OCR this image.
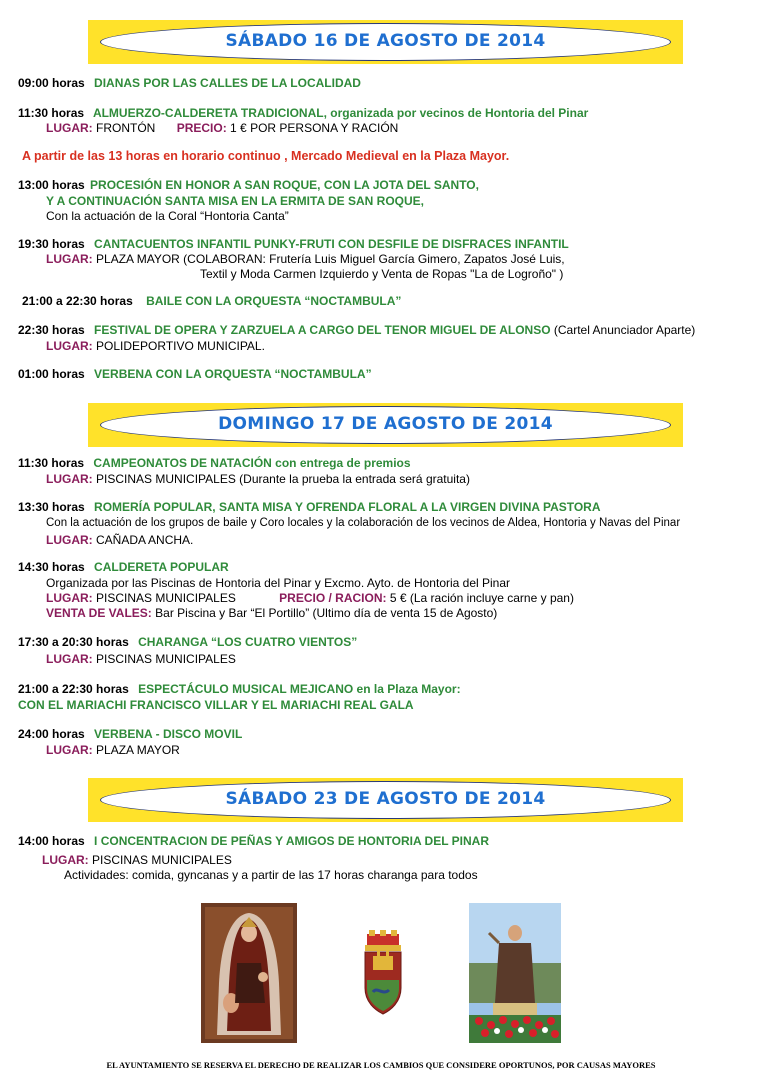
SÁBADO 16 DE AGOSTO DE 2014
09:00 horas DIANAS POR LAS CALLES DE LA LOCALIDAD
11:30 horas ALMUERZO-CALDERETA TRADICIONAL, organizada por vecinos de Hontoria del Pinar
LUGAR: FRONTÓN PRECIO: 1 € POR PERSONA Y RACIÓN
A partir de las 13 horas en horario continuo , Mercado Medieval en la Plaza Mayor.
13:00 horas PROCESIÓN EN HONOR A SAN ROQUE, CON LA JOTA DEL SANTO,
Y A CONTINUACIÓN SANTA MISA EN LA ERMITA DE SAN ROQUE,
Con la actuación de la Coral “Hontoria Canta”
19:30 horas CANTACUENTOS INFANTIL PUNKY-FRUTI CON DESFILE DE DISFRACES INFANTIL
LUGAR: PLAZA MAYOR (COLABORAN: Frutería Luis Miguel García Gimero, Zapatos José Luis,
Textil y Moda Carmen Izquierdo y Venta de Ropas "La de Logroño" )
21:00 a 22:30 horas BAILE CON LA ORQUESTA “NOCTAMBULA”
22:30 horas FESTIVAL DE OPERA Y ZARZUELA A CARGO DEL TENOR MIGUEL DE ALONSO (Cartel Anunciador Aparte)
LUGAR: POLIDEPORTIVO MUNICIPAL.
01:00 horas VERBENA CON LA ORQUESTA “NOCTAMBULA”
DOMINGO 17 DE AGOSTO DE 2014
11:30 horas CAMPEONATOS DE NATACIÓN con entrega de premios
LUGAR: PISCINAS MUNICIPALES (Durante la prueba la entrada será gratuita)
13:30 horas ROMERÍA POPULAR, SANTA MISA Y OFRENDA FLORAL A LA VIRGEN DIVINA PASTORA
Con la actuación de los grupos de baile y Coro locales y la colaboración de los vecinos de Aldea, Hontoria y Navas del Pinar
LUGAR: CAÑADA ANCHA.
14:30 horas CALDERETA POPULAR
Organizada por las Piscinas de Hontoria del Pinar y Excmo. Ayto. de Hontoria del Pinar
LUGAR: PISCINAS MUNICIPALES	PRECIO / RACION: 5 € (La ración incluye carne y pan)
VENTA DE VALES: Bar Piscina y Bar “El Portillo” (Ultimo día de venta 15 de Agosto)
17:30 a 20:30 horas CHARANGA “LOS CUATRO VIENTOS”
LUGAR: PISCINAS MUNICIPALES
21:00 a 22:30 horas ESPECTÁCULO MUSICAL MEJICANO en la Plaza Mayor:
CON EL MARIACHI FRANCISCO VILLAR Y EL MARIACHI REAL GALA
24:00 horas VERBENA - DISCO MOVIL
LUGAR: PLAZA MAYOR
SÁBADO 23 DE AGOSTO DE 2014
14:00 horas I CONCENTRACION DE PEÑAS Y AMIGOS DE HONTORIA DEL PINAR
LUGAR: PISCINAS MUNICIPALES
Actividades: comida, gyncanas y a partir de las 17 horas charanga para todos
EL AYUNTAMIENTO SE RESERVA EL DERECHO DE REALIZAR LOS CAMBIOS QUE CONSIDERE OPORTUNOS, POR CAUSAS MAYORES
